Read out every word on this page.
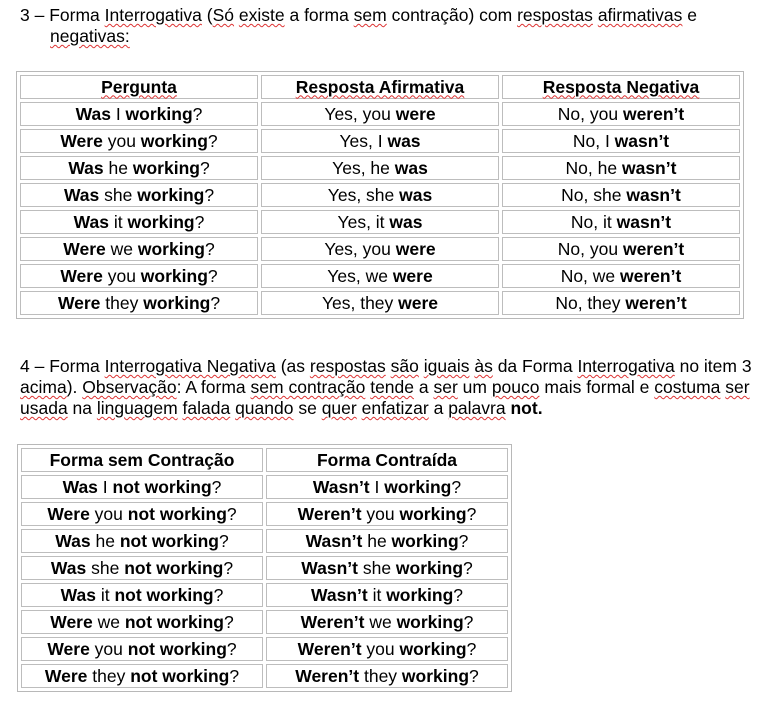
3 – Forma Interrogativa (Só existe a forma sem contração) com respostas afirmativas e
negativas:
Pergunta	Resposta Afirmativa	Resposta Negativa
Was I working?	Yes, you were	No, you weren’t
Were you working?	Yes, I was	No, I wasn’t
Was he working?	Yes, he was	No, he wasn’t
Was she working?	Yes, she was	No, she wasn’t
Was it working?	Yes, it was	No, it wasn’t
Were we working?	Yes, you were	No, you weren’t
Were you working?	Yes, we were	No, we weren’t
Were they working?	Yes, they were	No, they weren’t
4 – Forma Interrogativa Negativa (as respostas são iguais às da Forma Interrogativa no item 3 acima). Observação: A forma sem contração tende a ser um pouco mais formal e costuma ser usada na linguagem falada quando se quer enfatizar a palavra not.
Forma sem Contração	Forma Contraída
Was I not working?	Wasn’t I working?
Were you not working?	Weren’t you working?
Was he not working?	Wasn’t he working?
Was she not working?	Wasn’t she working?
Was it not working?	Wasn’t it working?
Were we not working?	Weren’t we working?
Were you not working?	Weren’t you working?
Were they not working?	Weren’t they working?
